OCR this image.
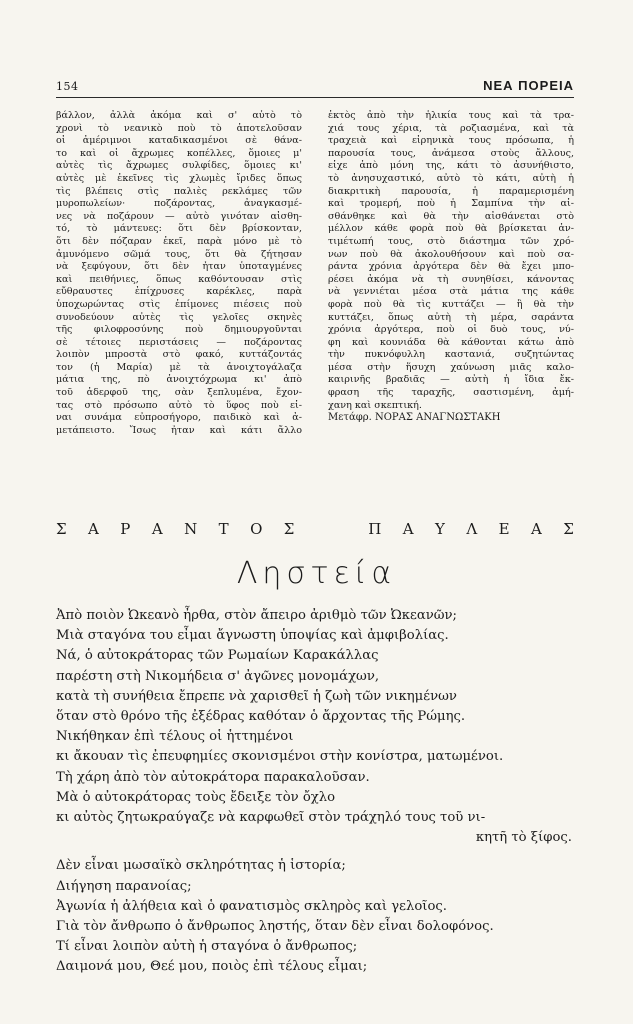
154	ΝΕΑ ΠΟΡΕΙΑ
βάλλον, ἀλλὰ ἀκόμα καὶ σ' αὐτὸ τὸ
χρονὶ τὸ νεανικὸ ποὺ τὸ ἀποτελοῦσαν
οἱ ἀμέριμνοι καταδικασμένοι σὲ θάνα-
το καὶ οἱ ἄχρωμες κοπέλλες, ὅμοιες μ'
αὐτὲς τὶς ἄχρωμες συλφίδες, ὅμοιες κι'
αὐτὲς μὲ ἐκεῖνες τὶς χλωμὲς ἴριδες ὅπως
τὶς βλέπεις στὶς παλιὲς ρεκλάμες τῶν
μυροπωλείων· ποζάροντας, ἀναγκασμέ-
νες νὰ ποζάρουν — αὐτὸ γινόταν αἰσθη-
τό, τὸ μάντευες: ὅτι δὲν βρίσκονταν,
ὅτι δὲν πόζαραν ἐκεῖ, παρὰ μόνο μὲ τὸ
ἀμυνόμενο σῶμά τους, ὅτι θὰ ζήτησαν
νὰ ξεφύγουν, ὅτι δὲν ἦταν ὑποταγμένες
καὶ πειθήνιες, ὅπως καθόντουσαν στὶς
εὔθραυστες ἐπίχρυσες καρέκλες, παρὰ
ὑποχωρώντας στὶς ἐπίμονες πιέσεις ποὺ
συνοδεύουν αὐτὲς τὶς γελοῖες σκηνὲς
τῆς φιλοφροσύνης ποὺ δημιουργοῦνται
σὲ τέτοιες περιστάσεις — ποζάροντας
λοιπὸν μπροστὰ στὸ φακό, κυττάζοντάς
τον (ἡ Μαρία) μὲ τὰ ἀνοιχτογάλαζα
μάτια της, πὸ ἀνοιχτόχρωμα κι' ἀπὸ
τοῦ ἀδερφοῦ της, σὰν ξεπλυμένα, ἔχον-
τας στὸ πρόσωπο αὐτὸ τὸ ὕφος ποὺ εἶ-
ναι συνάμα εὐπροσήγορο, παιδικὸ καὶ ἀ-
μετάπειστο. Ἴσως ἦταν καὶ κάτι ἄλλο
ἐκτὸς ἀπὸ τὴν ἡλικία τους καὶ τὰ τρα-
χιά τους χέρια, τὰ ροζιασμένα, καὶ τὰ
τραχειὰ καὶ εἰρηνικὰ τους πρόσωπα, ἡ
παρουσία τους, ἀνάμεσα στοὺς ἄλλους,
εἶχε ἀπὸ μόνη της, κάτι τὸ ἀσυνήθιστο,
τὸ ἀνησυχαστικό, αὐτὸ τὸ κάτι, αὐτὴ ἡ
διακριτικὴ παρουσία, ἡ παραμερισμένη
καὶ τρομερή, ποὺ ἡ Σαμπίνα τὴν αἰ-
σθάνθηκε καὶ θὰ τὴν αἰσθάνεται στὸ
μέλλον κάθε φορὰ ποὺ θὰ βρίσκεται ἀν-
τιμέτωπή τους, στὸ διάστημα τῶν χρό-
νων ποὺ θὰ ἀκολουθήσουν καὶ ποὺ σα-
ράντα χρόνια ἀργότερα δὲν θὰ ἔχει μπο-
ρέσει ἀκόμα νὰ τὴ συνηθίσει, κάνοντας
νὰ γεννιέται μέσα στὰ μάτια της κάθε
φορὰ ποὺ θὰ τὶς κυττάζει — ἢ θὰ τὴν
κυττάζει, ὅπως αὐτὴ τὴ μέρα, σαράντα
χρόνια ἀργότερα, ποὺ οἱ δυὸ τους, νύ-
φη καὶ κουνιάδα θὰ κάθονται κάτω ἀπὸ
τὴν πυκνόφυλλη καστανιά, συζητώντας
μέσα στὴν ἥσυχη χαύνωση μιᾶς καλο-
καιρινῆς βραδιᾶς — αὐτὴ ἡ ἴδια ἔκ-
φραση τῆς ταραχῆς, σαστισμένη, ἀμή-
χανη καὶ σκεπτική.
Μετάφρ. ΝΟΡΑΣ ΑΝΑΓΝΩΣΤΑΚΗ
Σ Α Ρ Α Ν Τ Ο Σ

	Π Α Υ Λ Ε Α Σ
Ληστεία
Ἀπὸ ποιὸν Ὠκεανὸ ἦρθα, στὸν ἄπειρο ἀριθμὸ τῶν Ὠκεανῶν;
Μιὰ σταγόνα του εἶμαι ἄγνωστη ὑποψίας καὶ ἀμφιβολίας.
Νά, ὁ αὐτοκράτορας τῶν Ρωμαίων Καρακάλλας
παρέστη στὴ Νικομήδεια σ' ἀγῶνες μονομάχων,
κατὰ τὴ συνήθεια ἔπρεπε νὰ χαρισθεῖ ἡ ζωὴ τῶν νικημένων
ὅταν στὸ θρόνο τῆς ἐξέδρας καθόταν ὁ ἄρχοντας τῆς Ρώμης.
Νικήθηκαν ἐπὶ τέλους οἱ ἡττημένοι
κι ἄκουαν τὶς ἐπευφημίες σκονισμένοι στὴν κονίστρα, ματωμένοι.
Τὴ χάρη ἀπὸ τὸν αὐτοκράτορα παρακαλοῦσαν.
Μὰ ὁ αὐτοκράτορας τοὺς ἔδειξε τὸν ὄχλο
κι αὐτὸς ζητωκραύγαζε νὰ καρφωθεῖ στὸν τράχηλό τους τοῦ νι-
κητῆ τὸ ξίφος.
Δὲν εἶναι μωσαϊκὸ σκληρότητας ἡ ἱστορία;
Διήγηση παρανοίας;
Ἀγωνία ἡ ἀλήθεια καὶ ὁ φανατισμὸς σκληρὸς καὶ γελοῖος.
Γιὰ τὸν ἄνθρωπο ὁ ἄνθρωπος ληστής, ὅταν δὲν εἶναι δολοφόνος.
Τί εἶναι λοιπὸν αὐτὴ ἡ σταγόνα ὁ ἄνθρωπος;
Δαιμονά μου, Θεέ μου, ποιὸς ἐπὶ τέλους εἶμαι;
